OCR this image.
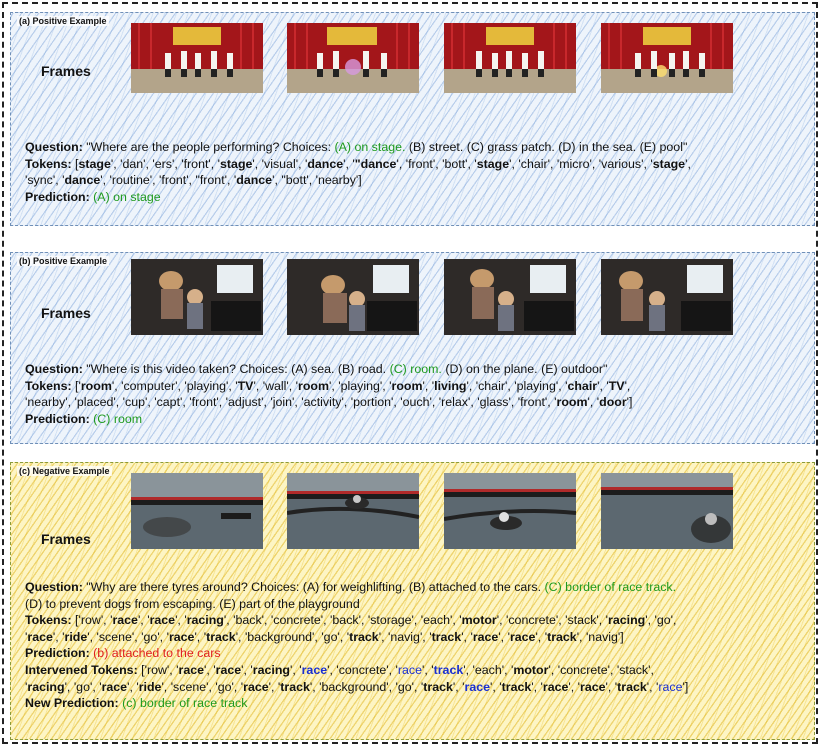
(a) Positive Example
Frames

Question: "Where are the people performing? Choices: (A) on stage. (B) street. (C) grass patch. (D) in the sea. (E) pool"

Tokens: [stage', 'dan', 'ers', 'front', 'stage', 'visual', 'dance', '"dance', 'front', 'bott', 'stage', 'chair', 'micro', 'various', 'stage',

'sync', 'dance', 'routine', 'front', "front', 'dance', "bott', 'nearby']

Prediction: (A) on stage

(b) Positive Example
Frames

Question: "Where is this video taken? Choices: (A) sea. (B) road. (C) room. (D) on the plane. (E) outdoor"

Tokens: ['room', 'computer', 'playing', 'TV', 'wall', 'room', 'playing', 'room', 'living', 'chair', 'playing', 'chair', 'TV',

'nearby', 'placed', 'cup', 'capt', 'front', 'adjust', 'join', 'activity', 'portion', 'ouch', 'relax', 'glass', 'front', 'room', 'door']

Prediction: (C) room

(c) Negative Example
Frames

Question: "Why are there tyres around? Choices: (A) for weighlifting. (B) attached to the cars. (C) border of race track.

(D) to prevent dogs from escaping. (E) part of the playground

Tokens: ['row', 'race', 'race', 'racing', 'back', 'concrete', 'back', 'storage', 'each', 'motor', 'concrete', 'stack', 'racing', 'go',

'race', 'ride', 'scene', 'go', 'race', 'track', 'background', 'go', 'track', 'navig', 'track', 'race', 'race', 'track', 'navig']

Prediction: (b) attached to the cars

Intervened Tokens: ['row', 'race', 'race', 'racing', 'race', 'concrete', 'race', 'track', 'each', 'motor', 'concrete', 'stack',

'racing', 'go', 'race', 'ride', 'scene', 'go', 'race', 'track', 'background', 'go', 'track', 'race', 'track', 'race', 'race', 'track', 'race']

New Prediction: (c) border of race track
